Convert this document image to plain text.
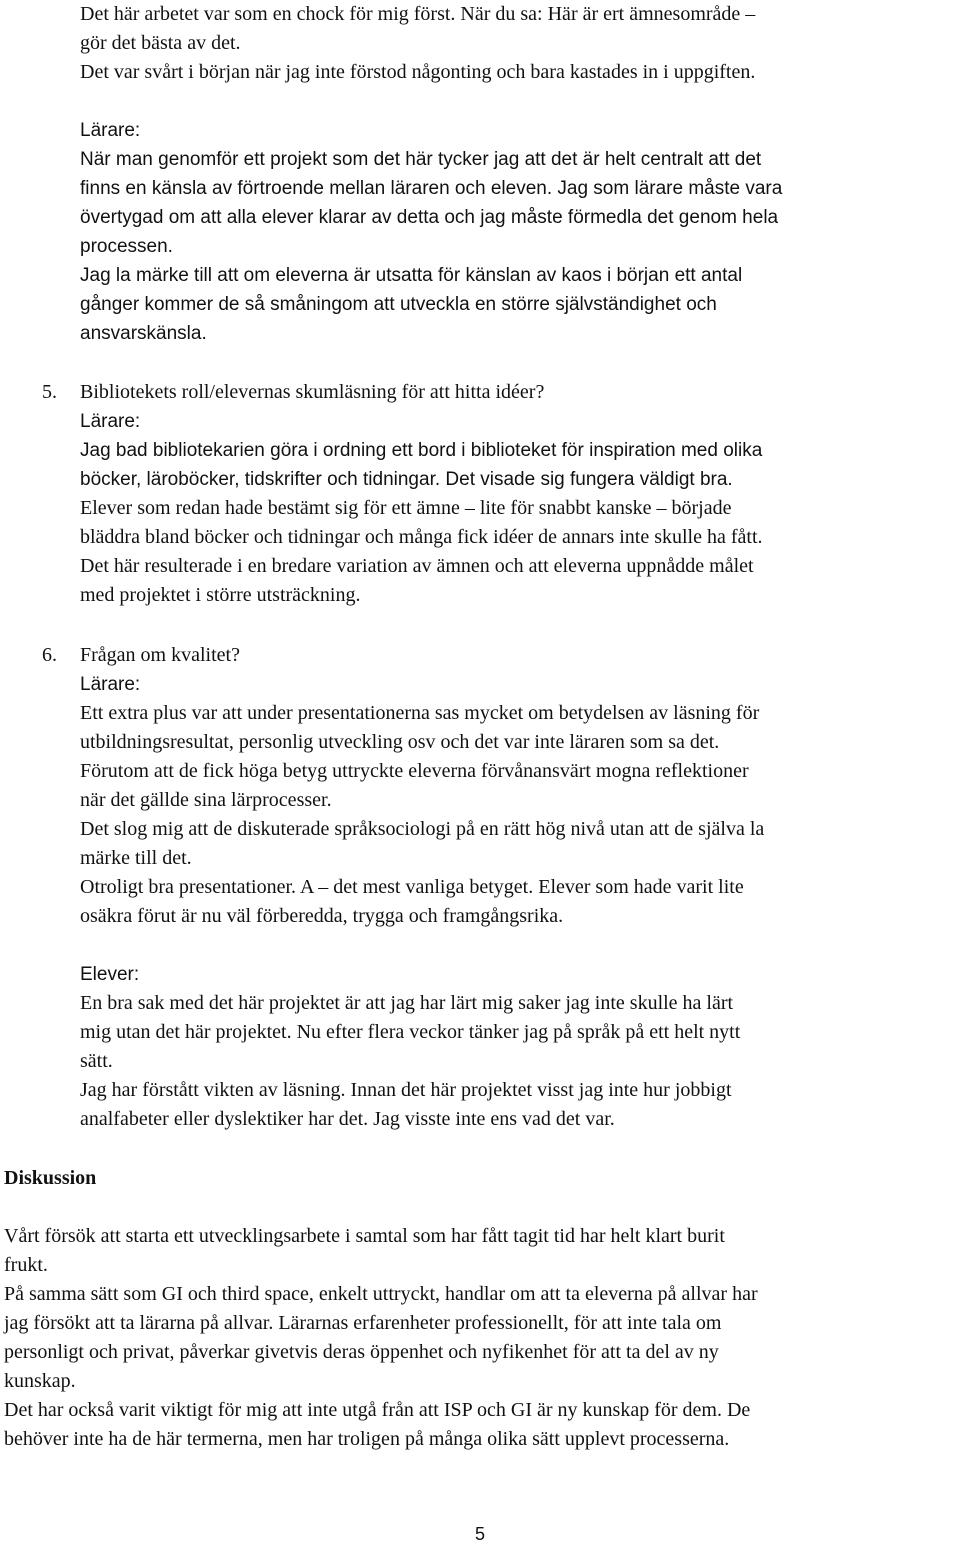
Det här arbetet var som en chock för mig först. När du sa: Här är ert ämnesområde –
gör det bästa av det.
Det var svårt i början när jag inte förstod någonting och bara kastades in i uppgiften.
Lärare:
När man genomför ett projekt som det här tycker jag att det är helt centralt att det
finns en känsla av förtroende mellan läraren och eleven. Jag som lärare måste vara
övertygad om att alla elever klarar av detta och jag måste förmedla det genom hela
processen.
Jag la märke till att om eleverna är utsatta för känslan av kaos i början ett antal
gånger kommer de så småningom att utveckla en större självständighet och
ansvarskänsla.
5. Bibliotekets roll/elevernas skumläsning för att hitta idéer?
Lärare:
Jag bad bibliotekarien göra i ordning ett bord i biblioteket för inspiration med olika
böcker, läroböcker, tidskrifter och tidningar. Det visade sig fungera väldigt bra.
Elever som redan hade bestämt sig för ett ämne – lite för snabbt kanske – började
bläddra bland böcker och tidningar och många fick idéer de annars inte skulle ha fått.
Det här resulterade i en bredare variation av ämnen och att eleverna uppnådde målet
med projektet i större utsträckning.
6. Frågan om kvalitet?
Lärare:
Ett extra plus var att under presentationerna sas mycket om betydelsen av läsning för
utbildningsresultat, personlig utveckling osv och det var inte läraren som sa det.
Förutom att de fick höga betyg uttryckte eleverna förvånansvärt mogna reflektioner
när det gällde sina lärprocesser.
Det slog mig att de diskuterade språksociologi på en rätt hög nivå utan att de själva la
märke till det.
Otroligt bra presentationer. A – det mest vanliga betyget. Elever som hade varit lite
osäkra förut är nu väl förberedda, trygga och framgångsrika.
Elever:
En bra sak med det här projektet är att jag har lärt mig saker jag inte skulle ha lärt
mig utan det här projektet. Nu efter flera veckor tänker jag på språk på ett helt nytt
sätt.
Jag har förstått vikten av läsning. Innan det här projektet visst jag inte hur jobbigt
analfabeter eller dyslektiker har det. Jag visste inte ens vad det var.
Diskussion
Vårt försök att starta ett utvecklingsarbete i samtal som har fått tagit tid har helt klart burit
frukt.
På samma sätt som GI och third space, enkelt uttryckt, handlar om att ta eleverna på allvar har
jag försökt att ta lärarna på allvar. Lärarnas erfarenheter professionellt, för att inte tala om
personligt och privat, påverkar givetvis deras öppenhet och nyfikenhet för att ta del av ny
kunskap.
Det har också varit viktigt för mig att inte utgå från att ISP och GI är ny kunskap för dem. De
behöver inte ha de här termerna, men har troligen på många olika sätt upplevt processerna.
5
